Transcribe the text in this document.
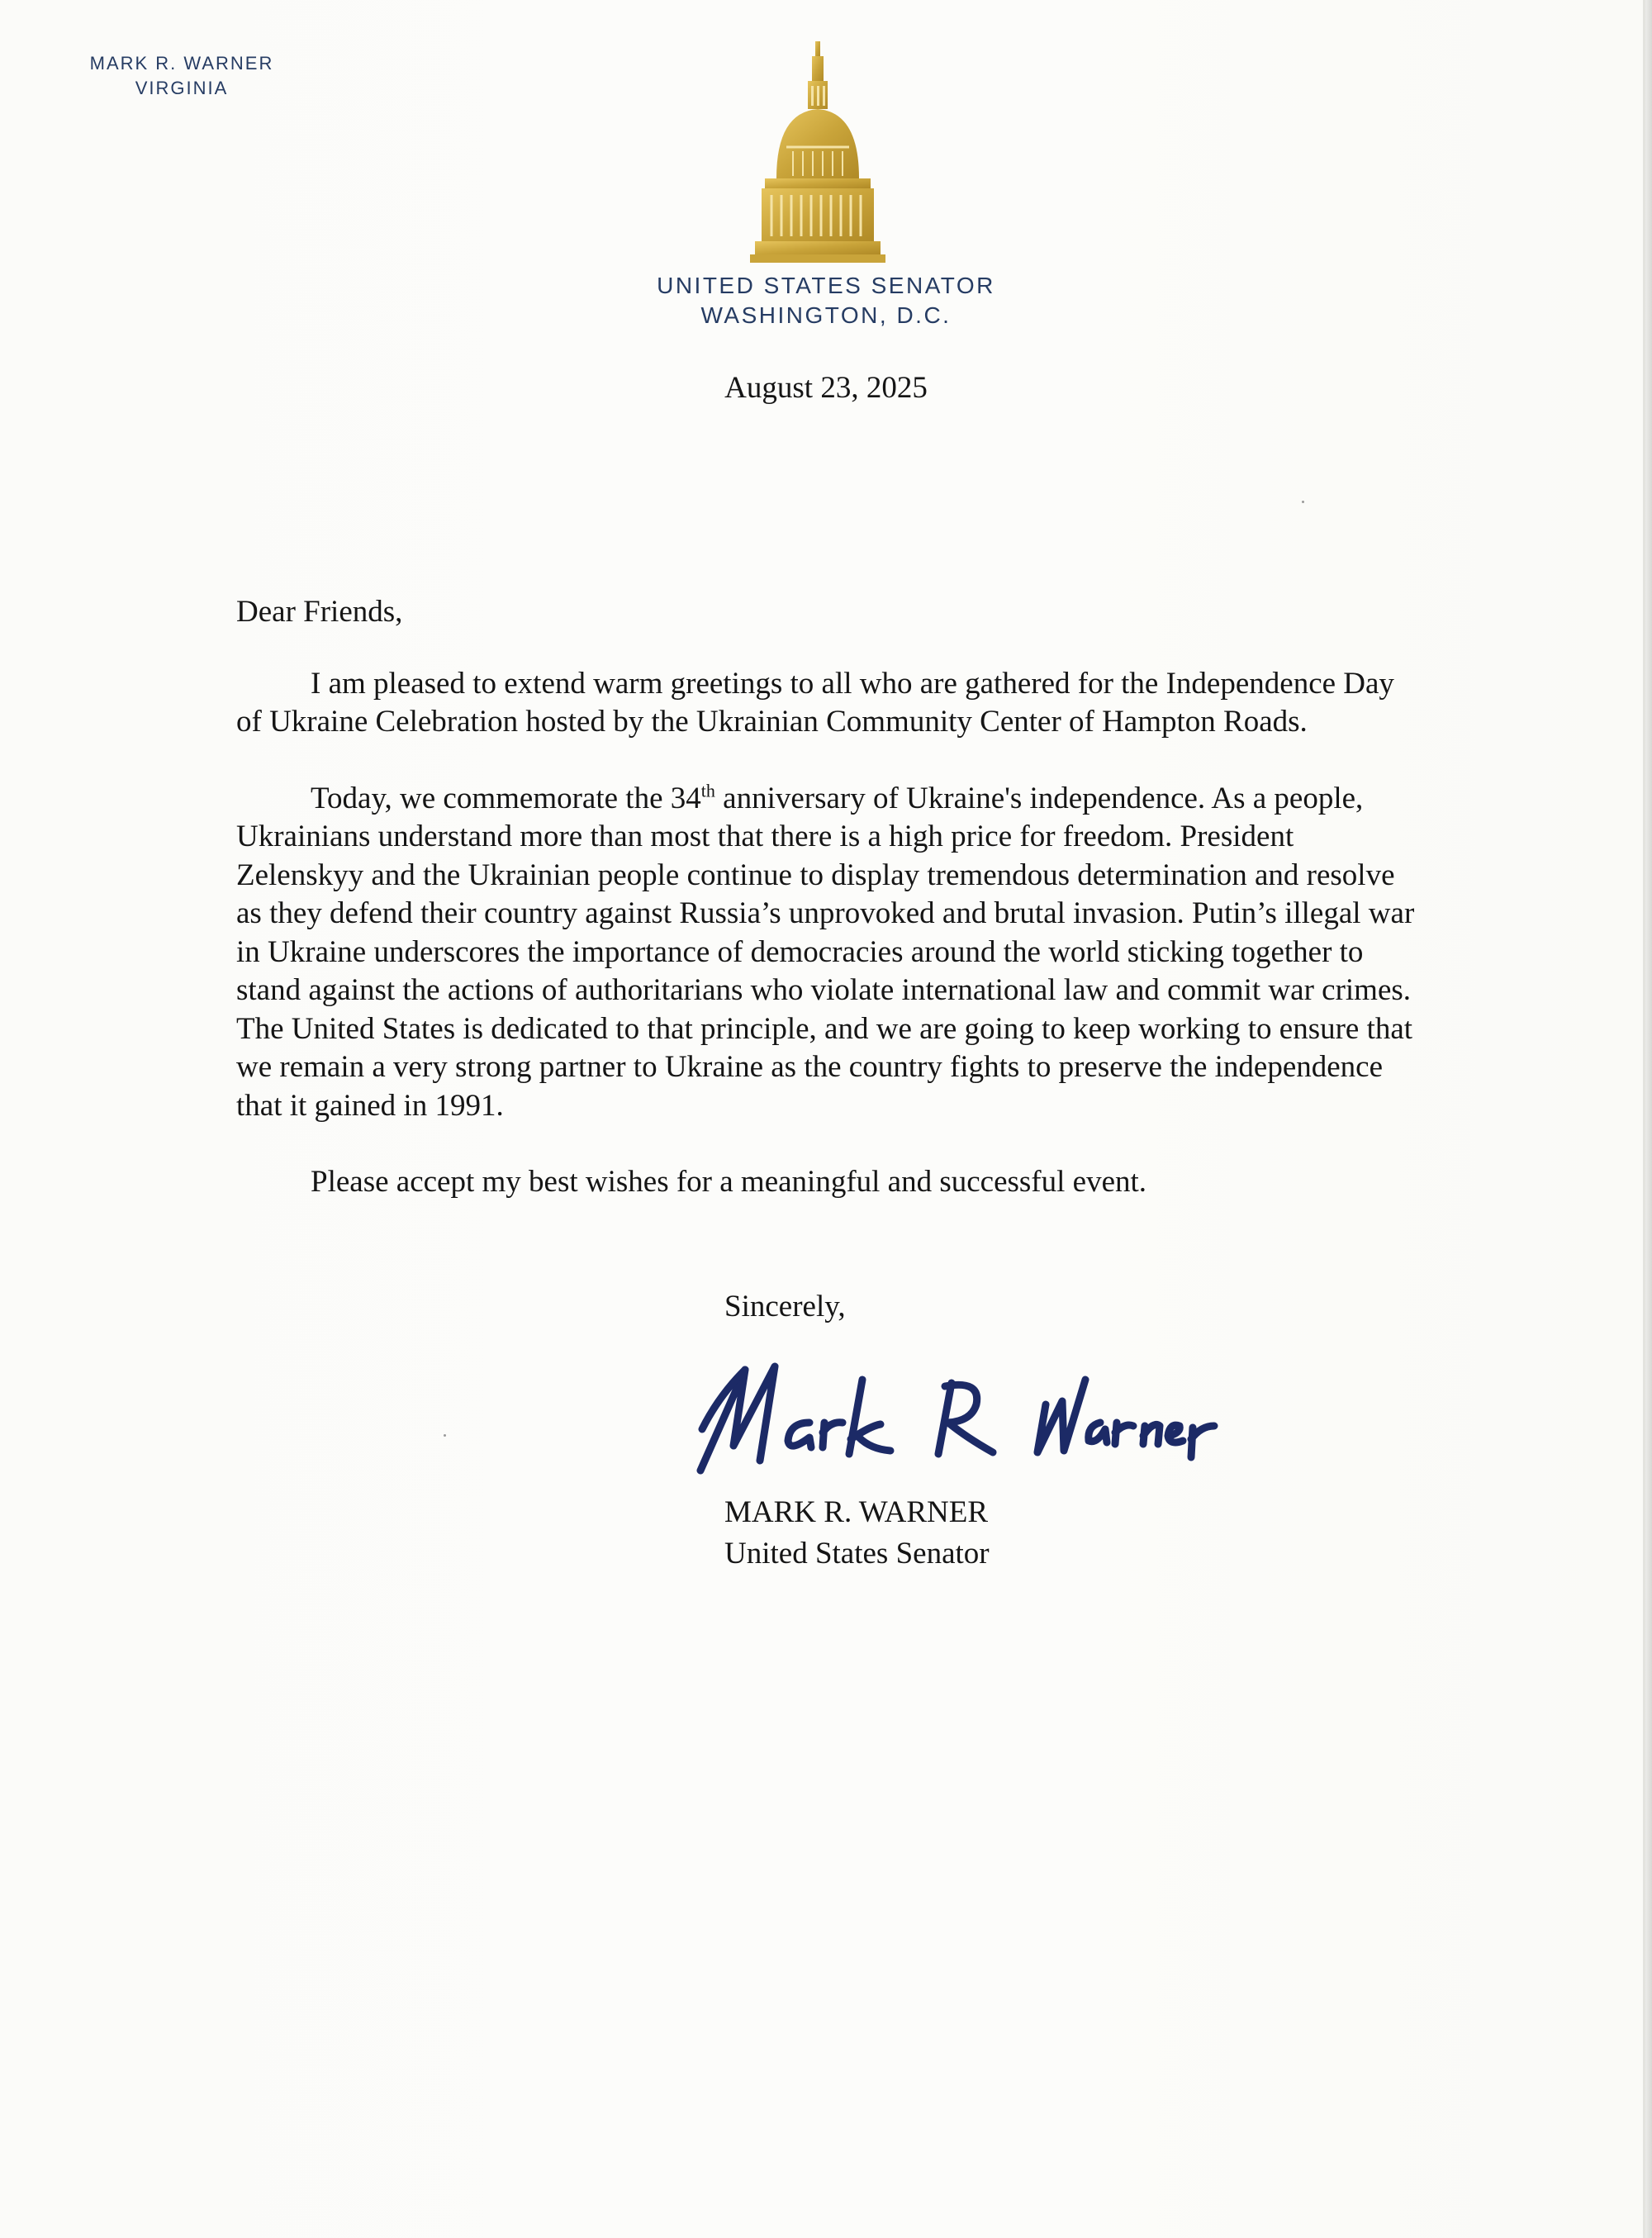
MARK R. WARNER
VIRGINIA
UNITED STATES SENATOR
WASHINGTON, D.C.
August 23, 2025
Dear Friends,

I am pleased to extend warm greetings to all who are gathered for the Independence Day of Ukraine Celebration hosted by the Ukrainian Community Center of Hampton Roads.

Today, we commemorate the 34th anniversary of Ukraine's independence. As a people, Ukrainians understand more than most that there is a high price for freedom. President Zelenskyy and the Ukrainian people continue to display tremendous determination and resolve as they defend their country against Russia’s unprovoked and brutal invasion. Putin’s illegal war in Ukraine underscores the importance of democracies around the world sticking together to stand against the actions of authoritarians who violate international law and commit war crimes. The United States is dedicated to that principle, and we are going to keep working to ensure that we remain a very strong partner to Ukraine as the country fights to preserve the independence that it gained in 1991.

Please accept my best wishes for a meaningful and successful event.

Sincerely,
MARK R. WARNER
United States Senator
